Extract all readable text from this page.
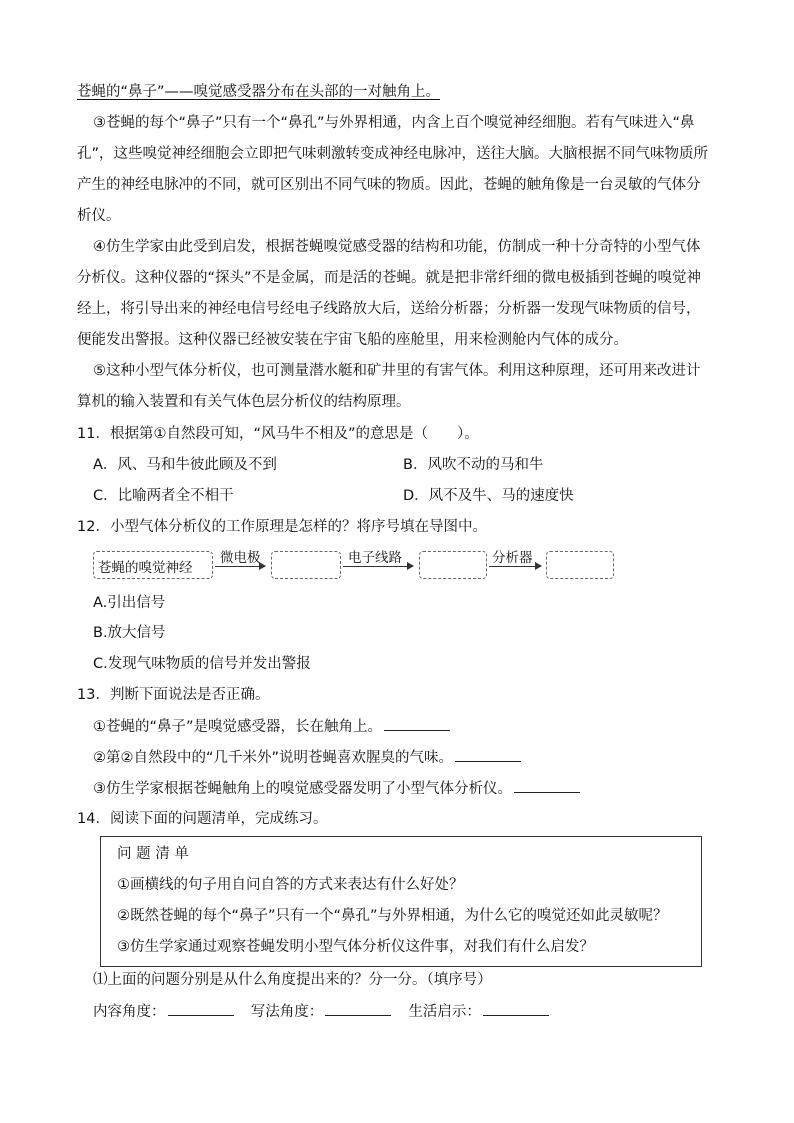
苍蝇的“鼻子”——嗅觉感受器分布在头部的一对触角上。
③苍蝇的每个“鼻子”只有一个“鼻孔”与外界相通，内含上百个嗅觉神经细胞。若有气味进入“鼻
孔”，这些嗅觉神经细胞会立即把气味刺激转变成神经电脉冲，送往大脑。大脑根据不同气味物质所
产生的神经电脉冲的不同，就可区别出不同气味的物质。因此，苍蝇的触角像是一台灵敏的气体分
析仪。
④仿生学家由此受到启发，根据苍蝇嗅觉感受器的结构和功能，仿制成一种十分奇特的小型气体
分析仪。这种仪器的“探头”不是金属，而是活的苍蝇。就是把非常纤细的微电极插到苍蝇的嗅觉神
经上，将引导出来的神经电信号经电子线路放大后，送给分析器；分析器一发现气味物质的信号，
便能发出警报。这种仪器已经被安装在宇宙飞船的座舱里，用来检测舱内气体的成分。
⑤这种小型气体分析仪，也可测量潜水艇和矿井里的有害气体。利用这种原理，还可用来改进计
算机的输入装置和有关气体色层分析仪的结构原理。
11．根据第①自然段可知，“风马牛不相及”的意思是（　　）。
A．风、马和牛彼此顾及不到	B．风吹不动的马和牛
C．比喻两者全不相干	D．风不及牛、马的速度快
12．小型气体分析仪的工作原理是怎样的？将序号填在导图中。
苍蝇的嗅觉神经
微电极	电子线路	分析器
A.引出信号
B.放大信号
C.发现气味物质的信号并发出警报
13．判断下面说法是否正确。
①苍蝇的“鼻子”是嗅觉感受器，长在触角上。
②第②自然段中的“几千米外”说明苍蝇喜欢腥臭的气味。
③仿生学家根据苍蝇触角上的嗅觉感受器发明了小型气体分析仪。
14．阅读下面的问题清单，完成练习。
问 题 清 单
①画横线的句子用自问自答的方式来表达有什么好处？
②既然苍蝇的每个“鼻子”只有一个“鼻孔”与外界相通，为什么它的嗅觉还如此灵敏呢？
③仿生学家通过观察苍蝇发明小型气体分析仪这件事，对我们有什么启发？
⑴上面的问题分别是从什么角度提出来的？分一分。（填序号）
内容角度：	写法角度：	生活启示：
